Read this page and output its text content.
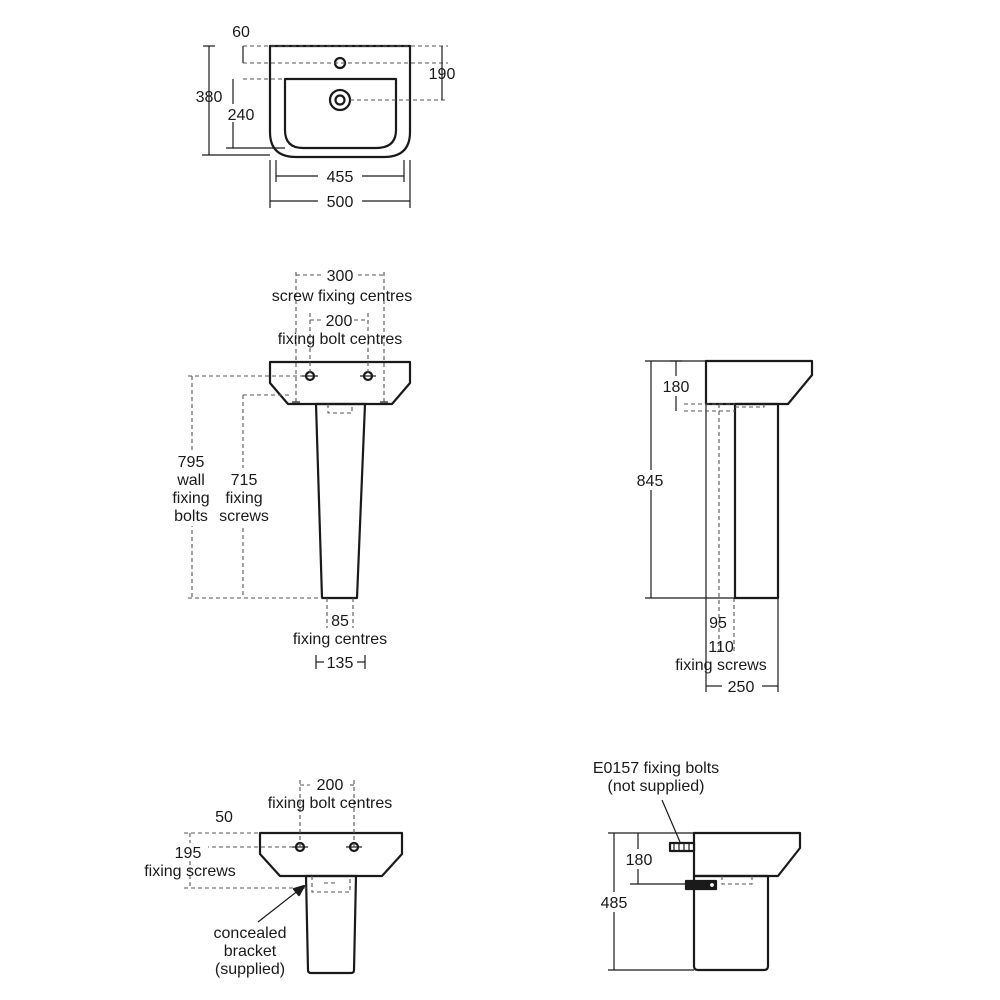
60
380
240
190
455
500
300
screw fixing centres
200
fixing bolt centres
795
wall
fixing
bolts
715
fixing
screws
85
fixing centres
135
180
845
95
110
fixing screws
250
200
fixing bolt centres
50
195
fixing screws
concealed
bracket
(supplied)
E0157 fixing bolts
(not supplied)
180
485
